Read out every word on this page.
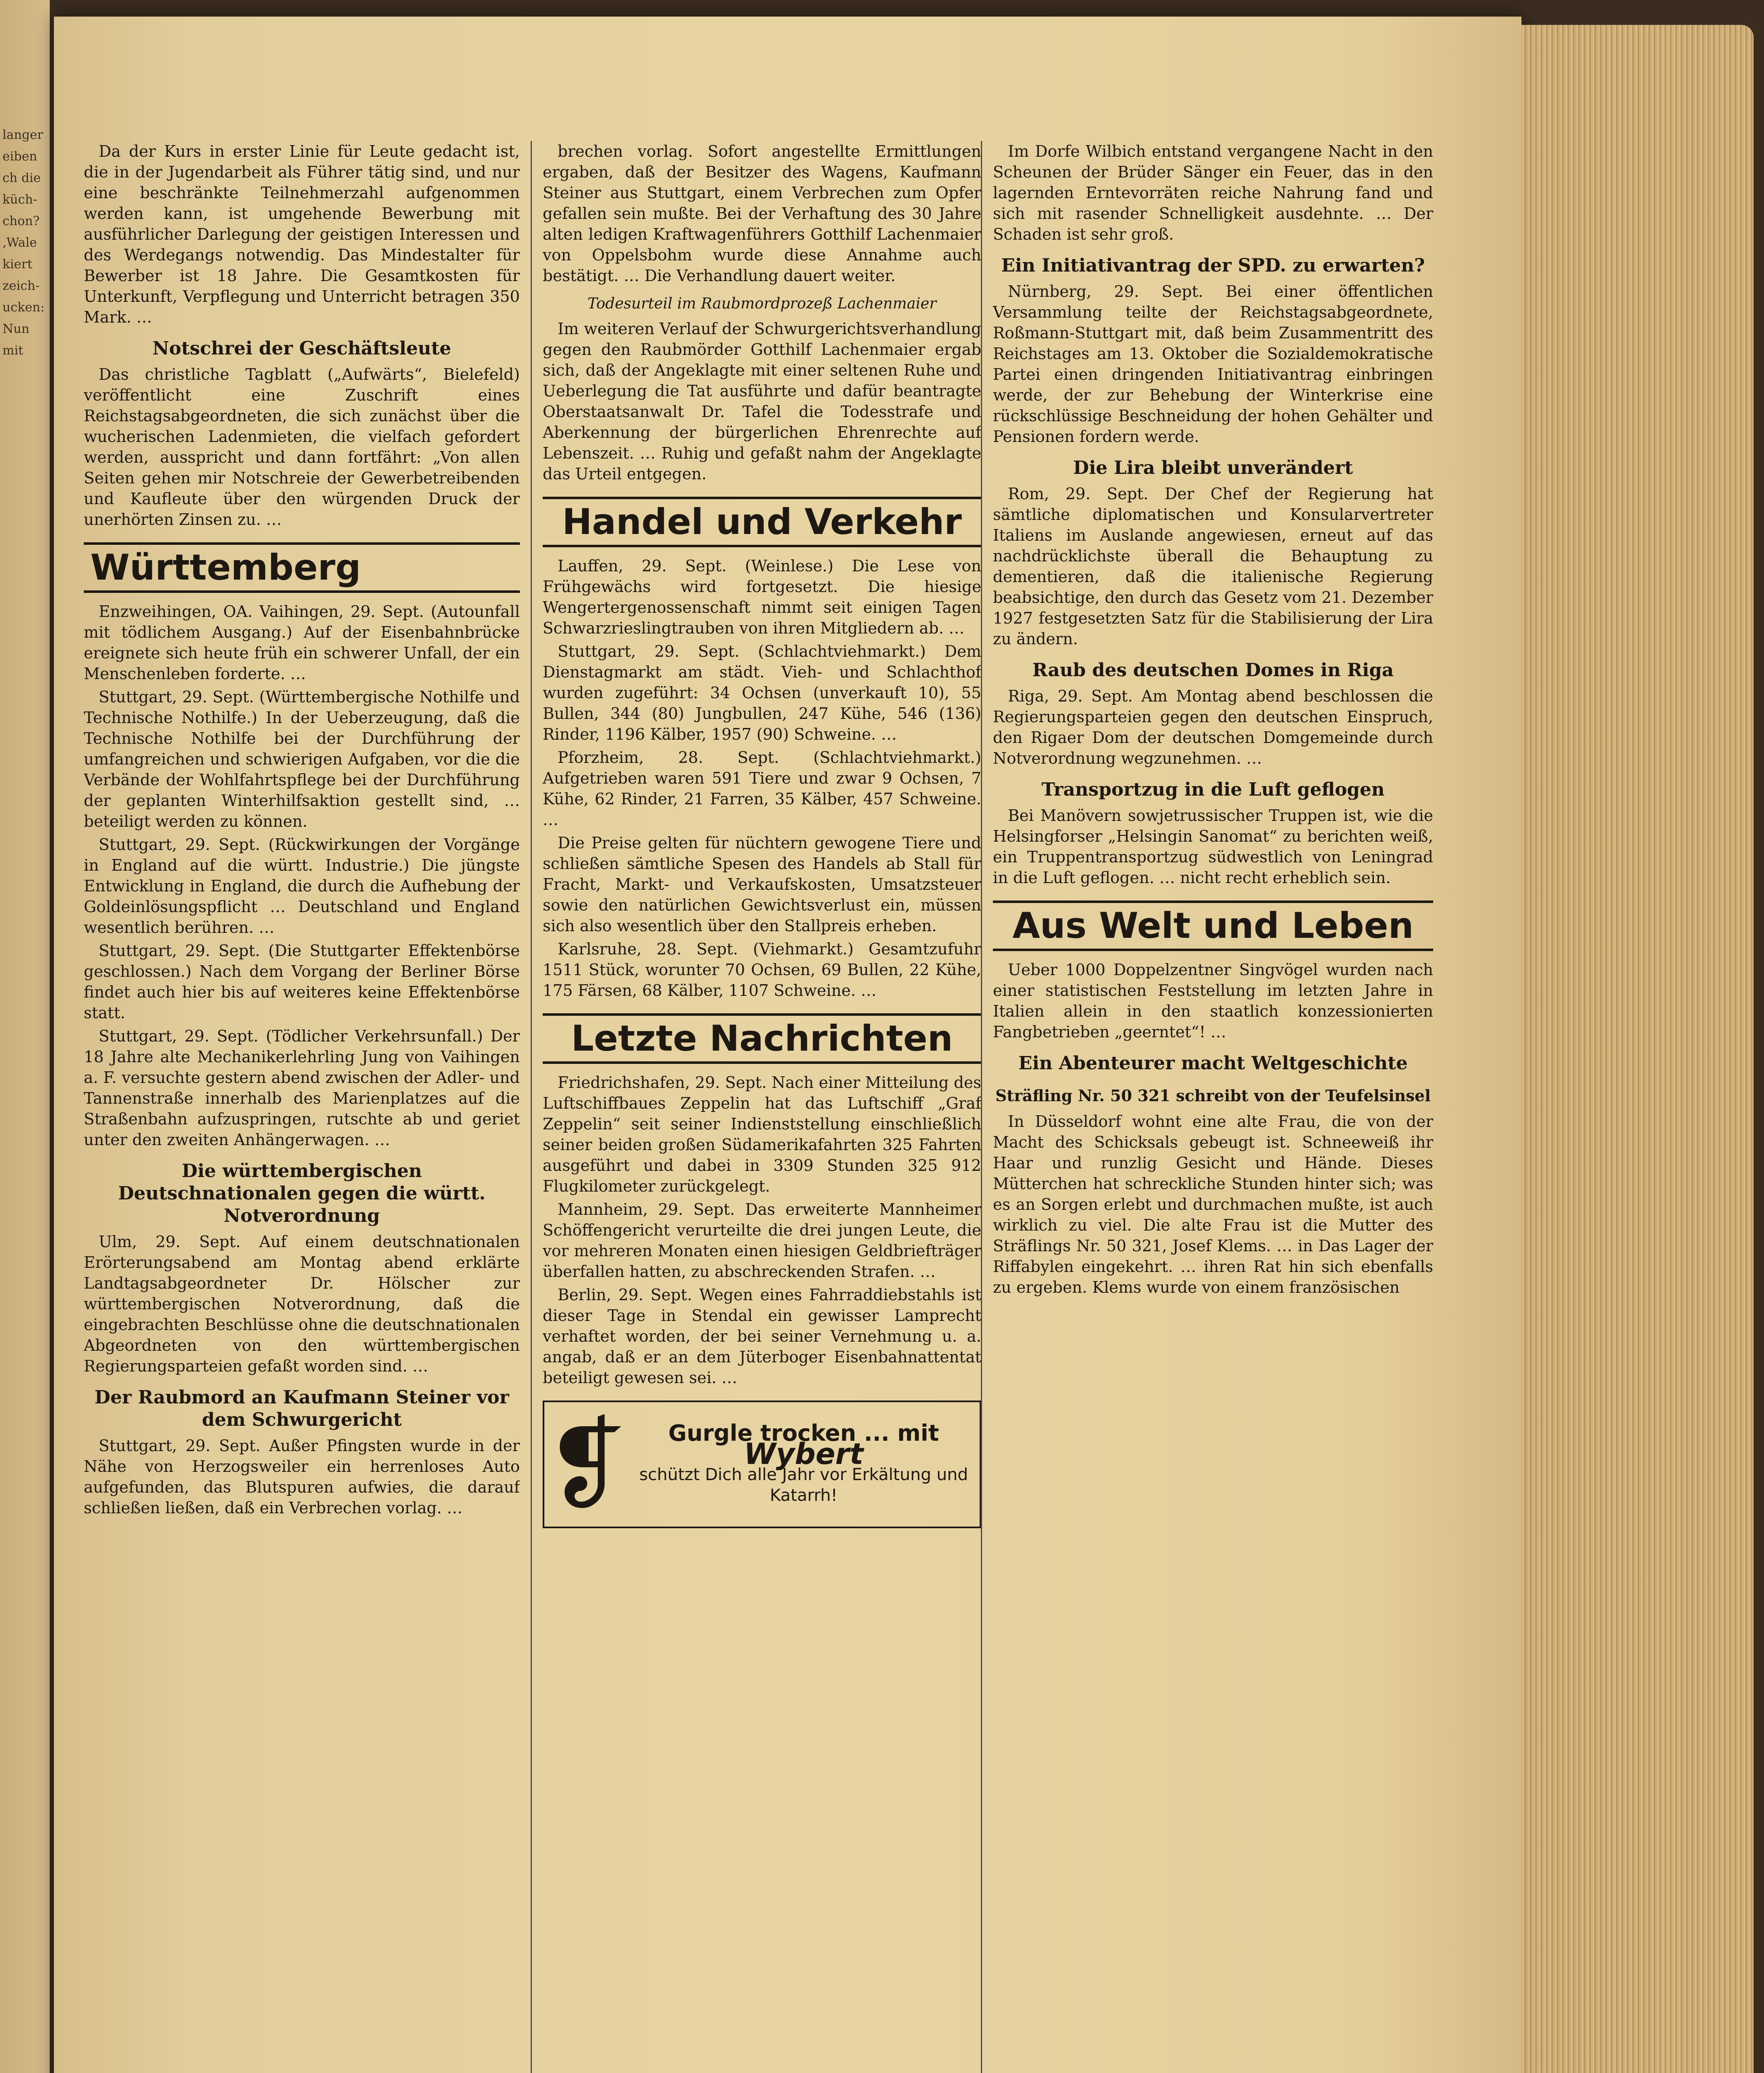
langer
eiben
ch die
küch-
chon?
‚Wale
kiert
zeich-
ucken:
Nun
mit

Da der Kurs in erster Linie für Leute gedacht ist, die in der Jugendarbeit als Führer tätig sind, und nur eine beschränkte Teilnehmerzahl aufgenommen werden kann, ist umgehende Bewerbung mit ausführlicher Darlegung der geistigen Interessen und des Werdegangs notwendig. Das Mindestalter für Bewerber ist 18 Jahre. Die Gesamtkosten für Unterkunft, Verpflegung und Unterricht betragen 350 Mark. …

Notschrei der Geschäftsleute

Das christliche Tagblatt („Aufwärts“, Bielefeld) veröffentlicht eine Zuschrift eines Reichstagsabgeordneten, die sich zunächst über die wucherischen Ladenmieten, die vielfach gefordert werden, ausspricht und dann fortfährt: „Von allen Seiten gehen mir Notschreie der Gewerbetreibenden und Kaufleute über den würgenden Druck der unerhörten Zinsen zu. …

Württemberg

Enzweihingen, OA. Vaihingen, 29. Sept. (Autounfall mit tödlichem Ausgang.) Auf der Eisenbahnbrücke ereignete sich heute früh ein schwerer Unfall, der ein Menschenleben forderte. …

Stuttgart, 29. Sept. (Württembergische Nothilfe und Technische Nothilfe.) In der Ueberzeugung, daß die Technische Nothilfe bei der Durchführung der umfangreichen und schwierigen Aufgaben, vor die die Verbände der Wohlfahrtspflege bei der Durchführung der geplanten Winterhilfsaktion gestellt sind, … beteiligt werden zu können.

Stuttgart, 29. Sept. (Rückwirkungen der Vorgänge in England auf die württ. Industrie.) Die jüngste Entwicklung in England, die durch die Aufhebung der Goldeinlösungspflicht … Deutschland und England wesentlich berühren. …

Stuttgart, 29. Sept. (Die Stuttgarter Effektenbörse geschlossen.) Nach dem Vorgang der Berliner Börse findet auch hier bis auf weiteres keine Effektenbörse statt.

Stuttgart, 29. Sept. (Tödlicher Verkehrsunfall.) Der 18 Jahre alte Mechanikerlehrling Jung von Vaihingen a. F. versuchte gestern abend zwischen der Adler- und Tannenstraße innerhalb des Marienplatzes auf die Straßenbahn aufzuspringen, rutschte ab und geriet unter den zweiten Anhängerwagen. …

Die württembergischen Deutschnationalen gegen die württ. Notverordnung

Ulm, 29. Sept. Auf einem deutschnationalen Erörterungsabend am Montag abend erklärte Landtagsabgeordneter Dr. Hölscher zur württembergischen Notverordnung, daß die eingebrachten Beschlüsse ohne die deutschnationalen Abgeordneten von den württembergischen Regierungsparteien gefaßt worden sind. …

Der Raubmord an Kaufmann Steiner vor dem Schwurgericht

Stuttgart, 29. Sept. Außer Pfingsten wurde in der Nähe von Herzogsweiler ein herrenloses Auto aufgefunden, das Blutspuren aufwies, die darauf schließen ließen, daß ein Verbrechen vorlag. …

brechen vorlag. Sofort angestellte Ermittlungen ergaben, daß der Besitzer des Wagens, Kaufmann Steiner aus Stuttgart, einem Verbrechen zum Opfer gefallen sein mußte. Bei der Verhaftung des 30 Jahre alten ledigen Kraftwagenführers Gotthilf Lachenmaier von Oppelsbohm wurde diese Annahme auch bestätigt. … Die Verhandlung dauert weiter.

Todesurteil im Raubmordprozeß Lachenmaier

Im weiteren Verlauf der Schwurgerichtsverhandlung gegen den Raubmörder Gotthilf Lachenmaier ergab sich, daß der Angeklagte mit einer seltenen Ruhe und Ueberlegung die Tat ausführte und dafür beantragte Oberstaatsanwalt Dr. Tafel die Todesstrafe und Aberkennung der bürgerlichen Ehrenrechte auf Lebenszeit. … Ruhig und gefaßt nahm der Angeklagte das Urteil entgegen.

Handel und Verkehr

Lauffen, 29. Sept. (Weinlese.) Die Lese von Frühgewächs wird fortgesetzt. Die hiesige Wengertergenossenschaft nimmt seit einigen Tagen Schwarzrieslingtrauben von ihren Mitgliedern ab. …

Stuttgart, 29. Sept. (Schlachtviehmarkt.) Dem Dienstagmarkt am städt. Vieh- und Schlachthof wurden zugeführt: 34 Ochsen (unverkauft 10), 55 Bullen, 344 (80) Jungbullen, 247 Kühe, 546 (136) Rinder, 1196 Kälber, 1957 (90) Schweine. …

Pforzheim, 28. Sept. (Schlachtviehmarkt.) Aufgetrieben waren 591 Tiere und zwar 9 Ochsen, 7 Kühe, 62 Rinder, 21 Farren, 35 Kälber, 457 Schweine. …

Die Preise gelten für nüchtern gewogene Tiere und schließen sämtliche Spesen des Handels ab Stall für Fracht, Markt- und Verkaufskosten, Umsatzsteuer sowie den natürlichen Gewichtsverlust ein, müssen sich also wesentlich über den Stallpreis erheben.

Karlsruhe, 28. Sept. (Viehmarkt.) Gesamtzufuhr 1511 Stück, worunter 70 Ochsen, 69 Bullen, 22 Kühe, 175 Färsen, 68 Kälber, 1107 Schweine. …

Letzte Nachrichten

Friedrichshafen, 29. Sept. Nach einer Mitteilung des Luftschiffbaues Zeppelin hat das Luftschiff „Graf Zeppelin“ seit seiner Indienststellung einschließlich seiner beiden großen Südamerikafahrten 325 Fahrten ausgeführt und dabei in 3309 Stunden 325 912 Flugkilometer zurückgelegt.

Mannheim, 29. Sept. Das erweiterte Mannheimer Schöffengericht verurteilte die drei jungen Leute, die vor mehreren Monaten einen hiesigen Geldbriefträger überfallen hatten, zu abschreckenden Strafen. …

Berlin, 29. Sept. Wegen eines Fahrraddiebstahls ist dieser Tage in Stendal ein gewisser Lamprecht verhaftet worden, der bei seiner Vernehmung u. a. angab, daß er an dem Jüterboger Eisenbahnattentat beteiligt gewesen sei. …

❡	Gurgle trocken ... mit
Wybert
schützt Dich alle Jahr vor Erkältung und Katarrh!

Im Dorfe Wilbich entstand vergangene Nacht in den Scheunen der Brüder Sänger ein Feuer, das in den lagernden Erntevorräten reiche Nahrung fand und sich mit rasender Schnelligkeit ausdehnte. … Der Schaden ist sehr groß.

Ein Initiativantrag der SPD. zu erwarten?

Nürnberg, 29. Sept. Bei einer öffentlichen Versammlung teilte der Reichstagsabgeordnete, Roßmann-Stuttgart mit, daß beim Zusammentritt des Reichstages am 13. Oktober die Sozialdemokratische Partei einen dringenden Initiativantrag einbringen werde, der zur Behebung der Winterkrise eine rückschlüssige Beschneidung der hohen Gehälter und Pensionen fordern werde.

Die Lira bleibt unverändert

Rom, 29. Sept. Der Chef der Regierung hat sämtliche diplomatischen und Konsularvertreter Italiens im Auslande angewiesen, erneut auf das nachdrücklichste überall die Behauptung zu dementieren, daß die italienische Regierung beabsichtige, den durch das Gesetz vom 21. Dezember 1927 festgesetzten Satz für die Stabilisierung der Lira zu ändern.

Raub des deutschen Domes in Riga

Riga, 29. Sept. Am Montag abend beschlossen die Regierungsparteien gegen den deutschen Einspruch, den Rigaer Dom der deutschen Domgemeinde durch Notverordnung wegzunehmen. …

Transportzug in die Luft geflogen

Bei Manövern sowjetrussischer Truppen ist, wie die Helsingforser „Helsingin Sanomat“ zu berichten weiß, ein Truppentransportzug südwestlich von Leningrad in die Luft geflogen. … nicht recht erheblich sein.

Aus Welt und Leben

Ueber 1000 Doppelzentner Singvögel wurden nach einer statistischen Feststellung im letzten Jahre in Italien allein in den staatlich konzessionierten Fangbetrieben „geerntet“! …

Ein Abenteurer macht Weltgeschichte
Sträfling Nr. 50 321 schreibt von der Teufelsinsel

In Düsseldorf wohnt eine alte Frau, die von der Macht des Schicksals gebeugt ist. Schneeweiß ihr Haar und runzlig Gesicht und Hände. Dieses Mütterchen hat schreckliche Stunden hinter sich; was es an Sorgen erlebt und durchmachen mußte, ist auch wirklich zu viel. Die alte Frau ist die Mutter des Sträflings Nr. 50 321, Josef Klems. … in Das Lager der Riffabylen eingekehrt. … ihren Rat hin sich ebenfalls zu ergeben. Klems wurde von einem französischen
